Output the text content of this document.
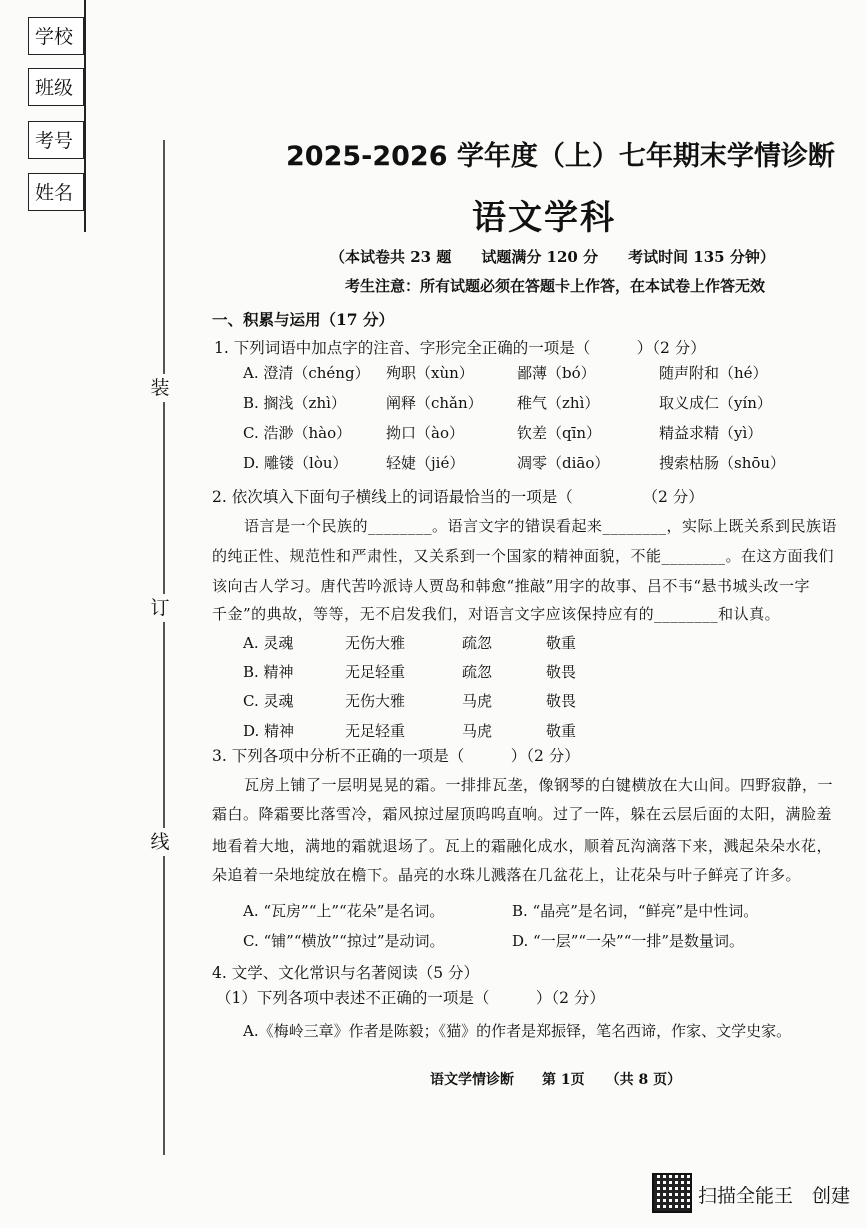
学校
班级
考号
姓名
装
订
线
2025-2026 学年度（上）七年期末学情诊断
语文学科
（本试卷共 23 题　　试题满分 120 分　　考试时间 135 分钟）
考生注意：所有试题必须在答题卡上作答，在本试卷上作答无效
一、积累与运用（17 分）
1. 下列词语中加点字的注音、字形完全正确的一项是（　　　）（2 分）
A. 澄清（chéng） 殉职（xùn）	鄙薄（bó）	随声附和（hé）
B. 搁浅（zhì）	阐释（chǎn） 稚气（zhì）	取义成仁（yín）
C. 浩渺（hào） 拗口（ào）	钦差（qīn）	精益求精（yì）
D. 雕镂（lòu）	轻婕（jié）	凋零（diāo）	搜索枯肠（shōu）
2. 依次填入下面句子横线上的词语最恰当的一项是（　　　　　（2 分）
语言是一个民族的________。语言文字的错误看起来________，实际上既关系到民族语
的纯正性、规范性和严肃性，又关系到一个国家的精神面貌，不能________。在这方面我们
该向古人学习。唐代苦吟派诗人贾岛和韩愈“推敲”用字的故事、吕不韦“悬书城头改一字
千金”的典故，等等，无不启发我们，对语言文字应该保持应有的________和认真。
A. 灵魂	无伤大雅	疏忽	敬重
B. 精神	无足轻重	疏忽	敬畏
C. 灵魂	无伤大雅	马虎	敬畏
D. 精神	无足轻重	马虎	敬重
3. 下列各项中分析不正确的一项是（　　　）（2 分）
瓦房上铺了一层明晃晃的霜。一排排瓦垄，像钢琴的白键横放在大山间。四野寂静，一
霜白。降霜要比落雪冷，霜风掠过屋顶呜呜直响。过了一阵，躲在云层后面的太阳，满脸羞
地看着大地，满地的霜就退场了。瓦上的霜融化成水，顺着瓦沟滴落下来，溅起朵朵水花，
朵追着一朵地绽放在檐下。晶亮的水珠儿溅落在几盆花上，让花朵与叶子鲜亮了许多。
A. “瓦房”“上”“花朵”是名词。	B. “晶亮”是名词，“鲜亮”是中性词。
C. “铺”“横放”“掠过”是动词。	D. “一层”“一朵”“一排”是数量词。
4. 文学、文化常识与名著阅读（5 分）
（1）下列各项中表述不正确的一项是（　　　）（2 分）
A.《梅岭三章》作者是陈毅；《猫》的作者是郑振铎，笔名西谛，作家、文学史家。
语文学情诊断　　第 1页　　（共 8 页）
扫描全能王　创建
